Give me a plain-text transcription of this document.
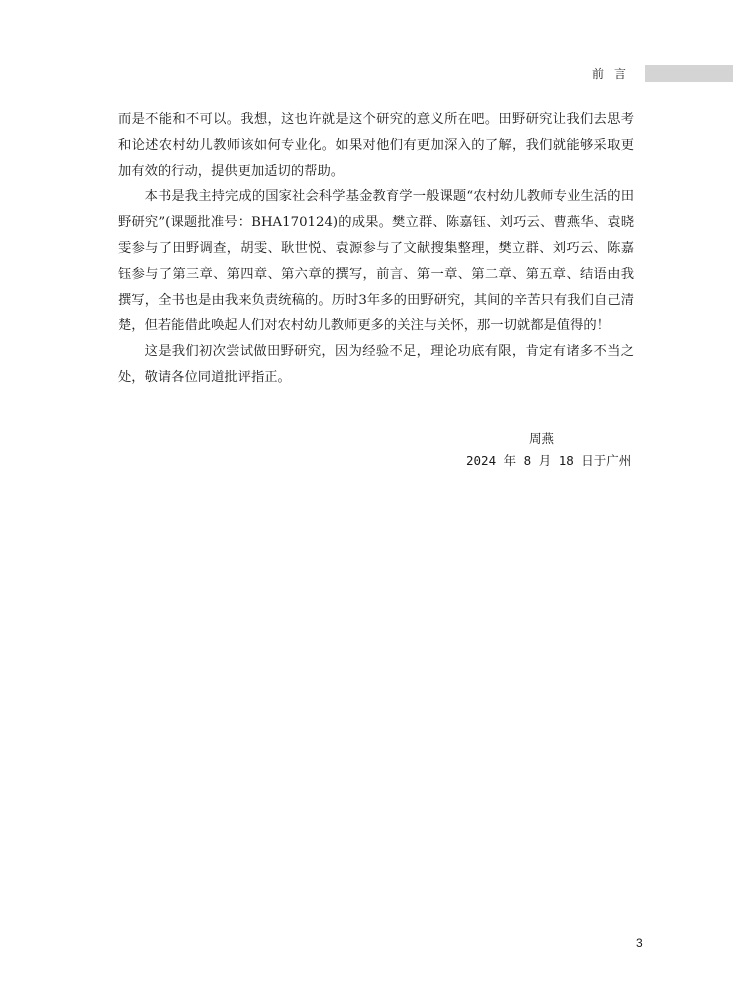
前言

而是不能和不可以。我想，这也许就是这个研究的意义所在吧。田野研究让我们去思考和论述农村幼儿教师该如何专业化。如果对他们有更加深入的了解，我们就能够采取更加有效的行动，提供更加适切的帮助。

本书是我主持完成的国家社会科学基金教育学一般课题“农村幼儿教师专业生活的田野研究”(课题批准号：BHA170124)的成果。樊立群、陈嘉钰、刘巧云、曹燕华、袁晓雯参与了田野调查，胡雯、耿世悦、袁源参与了文献搜集整理，樊立群、刘巧云、陈嘉钰参与了第三章、第四章、第六章的撰写，前言、第一章、第二章、第五章、结语由我撰写，全书也是由我来负责统稿的。历时3年多的田野研究，其间的辛苦只有我们自己清楚，但若能借此唤起人们对农村幼儿教师更多的关注与关怀，那一切就都是值得的！

这是我们初次尝试做田野研究，因为经验不足，理论功底有限，肯定有诸多不当之处，敬请各位同道批评指正。

周燕
2024 年 8 月 18 日于广州
3
